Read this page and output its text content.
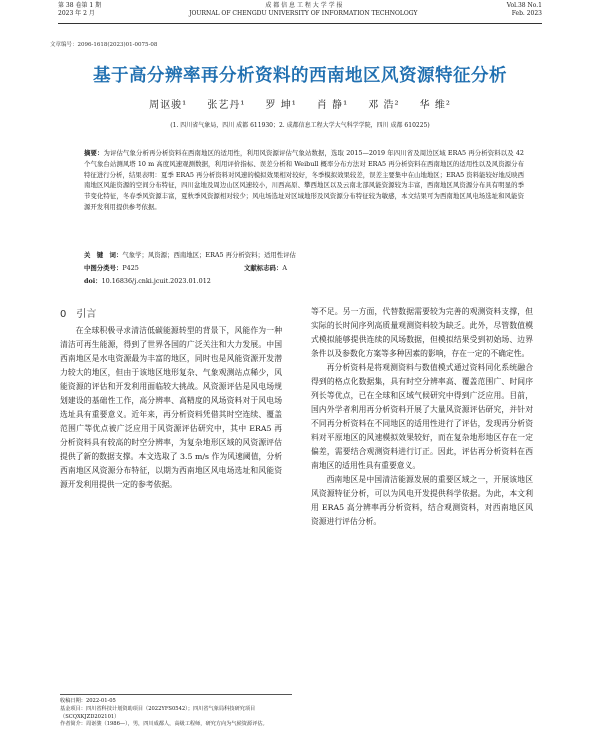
第 38 卷第 1 期	成 都 信 息 工 程 大 学 学 报	Vol.38 No.1
2023 年 2 月	JOURNAL OF CHENGDU UNIVERSITY OF INFORMATION TECHNOLOGY	Feb. 2023
文章编号：2096-1618(2023)01-0075-08
基于高分辨率再分析资料的西南地区风资源特征分析
周讴骏¹ 张艺丹¹ 罗 坤¹ 肖 静¹ 邓 浩² 华 维²
(1. 四川省气象局，四川 成都 611930；2. 成都信息工程大学大气科学学院，四川 成都 610225)
摘要：为评估气象分析再分析资料在西南地区的适用性，利用风资源评估气象站数据，选取 2015—2019 年四川省及周边区域 ERA5 再分析资料以及 42 个气象台站测风塔 10 m 高度风速观测数据，利用评价指标、误差分析和 Weibull 概率分布方法对 ERA5 再分析资料在西南地区的适用性以及风资源分布特征进行分析，结果表明：夏季 ERA5 再分析资料对风速的模拟效果相对较好，冬季模拟效果较差，误差主要集中在山地地区；ERA5 资料能较好地反映西南地区风能资源的空间分布特征，四川盆地及周边山区风速较小，川西高原、攀西地区以及云南北部风能资源较为丰富，西南地区风资源分布具有明显的季节变化特征，冬春季风资源丰富，夏秋季风资源相对较少；风电场选址对区域地形及风资源分布特征较为敏感，本文结果可为西南地区风电场选址和风能资源开发利用提供参考依据。
关　键　词：气象学；风资源；西南地区；ERA5 再分析资料；适用性评估
中图分类号：P425	文献标志码：A
doi：10.16836/j.cnki.jcuit.2023.01.012
0　引言

在全球积极寻求清洁低碳能源转型的背景下，风能作为一种清洁可再生能源，得到了世界各国的广泛关注和大力发展。中国西南地区是水电资源最为丰富的地区，同时也是风能资源开发潜力较大的地区，但由于该地区地形复杂、气象观测站点稀少，风能资源的评估和开发利用面临较大挑战。风资源评估是风电场规划建设的基础性工作，高分辨率、高精度的风场资料对于风电场选址具有重要意义。近年来，再分析资料凭借其时空连续、覆盖范围广等优点被广泛应用于风资源评估研究中，其中 ERA5 再分析资料具有较高的时空分辨率，为复杂地形区域的风资源评估提供了新的数据支撑。本文选取了 3.5 m/s 作为风速阈值，分析西南地区风资源分布特征，以期为西南地区风电场选址和风能资源开发利用提供一定的参考依据。

等不足。另一方面，代替数据需要较为完善的观测资料支撑，但实际的长时间序列高质量观测资料较为缺乏。此外，尽管数值模式模拟能够提供连续的风场数据，但模拟结果受到初始场、边界条件以及参数化方案等多种因素的影响，存在一定的不确定性。

再分析资料是将观测资料与数值模式通过资料同化系统融合得到的格点化数据集，具有时空分辨率高、覆盖范围广、时间序列长等优点，已在全球和区域气候研究中得到广泛应用。目前，国内外学者利用再分析资料开展了大量风资源评估研究，并针对不同再分析资料在不同地区的适用性进行了评估，发现再分析资料对平原地区的风速模拟效果较好，而在复杂地形地区存在一定偏差，需要结合观测资料进行订正。因此，评估再分析资料在西南地区的适用性具有重要意义。

西南地区是中国清洁能源发展的重要区域之一，开展该地区风资源特征分析，可以为风电开发提供科学依据。为此，本文利用 ERA5 高分辨率再分析资料，结合观测资料，对西南地区风资源进行评估分析。

收稿日期：2022-01-05
基金项目：四川省科技计划资助项目（2022YFS0542）；四川省气象局科技研究项目（SCQXKJZD202101）
作者简介：周讴骏（1986—），男，四川成都人，高级工程师，研究方向为气候资源评估。
